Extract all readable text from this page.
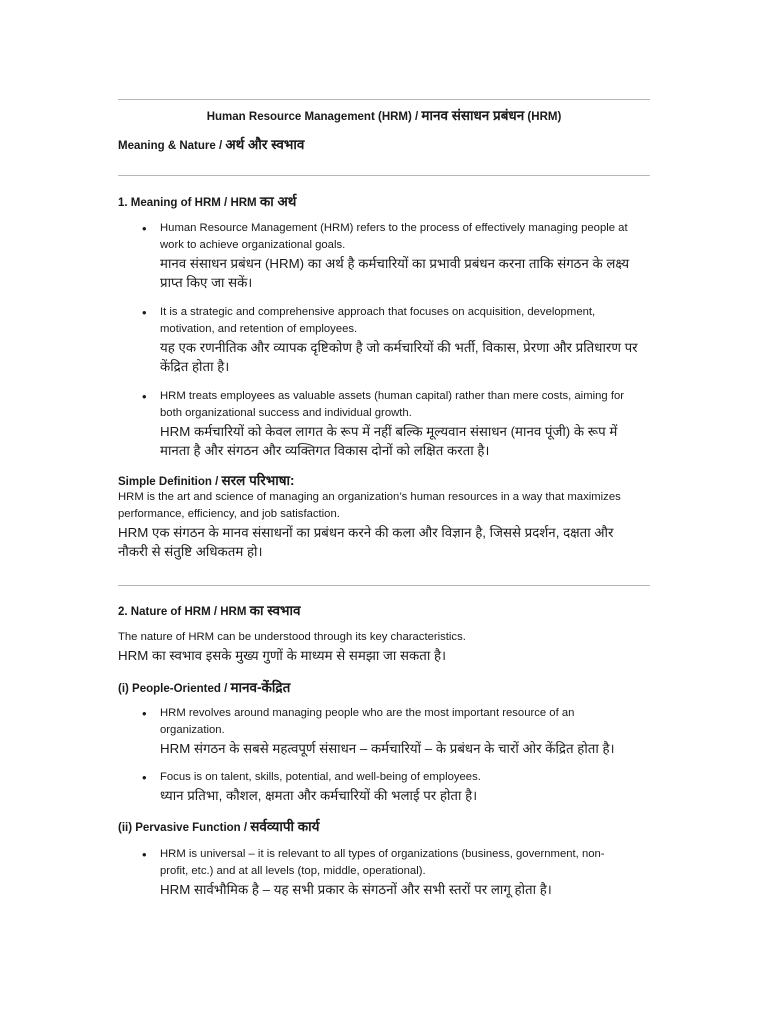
Human Resource Management (HRM) / मानव संसाधन प्रबंधन (HRM)
Meaning & Nature / अर्थ और स्वभाव
1. Meaning of HRM / HRM का अर्थ
• Human Resource Management (HRM) refers to the process of effectively managing people at
work to achieve organizational goals.
मानव संसाधन प्रबंधन (HRM) का अर्थ है कर्मचारियों का प्रभावी प्रबंधन करना ताकि संगठन के लक्ष्य
प्राप्त किए जा सकें।
• It is a strategic and comprehensive approach that focuses on acquisition, development,
motivation, and retention of employees.
यह एक रणनीतिक और व्यापक दृष्टिकोण है जो कर्मचारियों की भर्ती, विकास, प्रेरणा और प्रतिधारण पर
केंद्रित होता है।
• HRM treats employees as valuable assets (human capital) rather than mere costs, aiming for
both organizational success and individual growth.
HRM कर्मचारियों को केवल लागत के रूप में नहीं बल्कि मूल्यवान संसाधन (मानव पूंजी) के रूप में
मानता है और संगठन और व्यक्तिगत विकास दोनों को लक्षित करता है।
Simple Definition / सरल परिभाषा:
HRM is the art and science of managing an organization’s human resources in a way that maximizes
performance, efficiency, and job satisfaction.
HRM एक संगठन के मानव संसाधनों का प्रबंधन करने की कला और विज्ञान है, जिससे प्रदर्शन, दक्षता और
नौकरी से संतुष्टि अधिकतम हो।
2. Nature of HRM / HRM का स्वभाव
The nature of HRM can be understood through its key characteristics.
HRM का स्वभाव इसके मुख्य गुणों के माध्यम से समझा जा सकता है।
(i) People-Oriented / मानव-केंद्रित
• HRM revolves around managing people who are the most important resource of an
organization.
HRM संगठन के सबसे महत्वपूर्ण संसाधन – कर्मचारियों – के प्रबंधन के चारों ओर केंद्रित होता है।
• Focus is on talent, skills, potential, and well-being of employees.
ध्यान प्रतिभा, कौशल, क्षमता और कर्मचारियों की भलाई पर होता है।
(ii) Pervasive Function / सर्वव्यापी कार्य
• HRM is universal – it is relevant to all types of organizations (business, government, non-
profit, etc.) and at all levels (top, middle, operational).
HRM सार्वभौमिक है – यह सभी प्रकार के संगठनों और सभी स्तरों पर लागू होता है।
